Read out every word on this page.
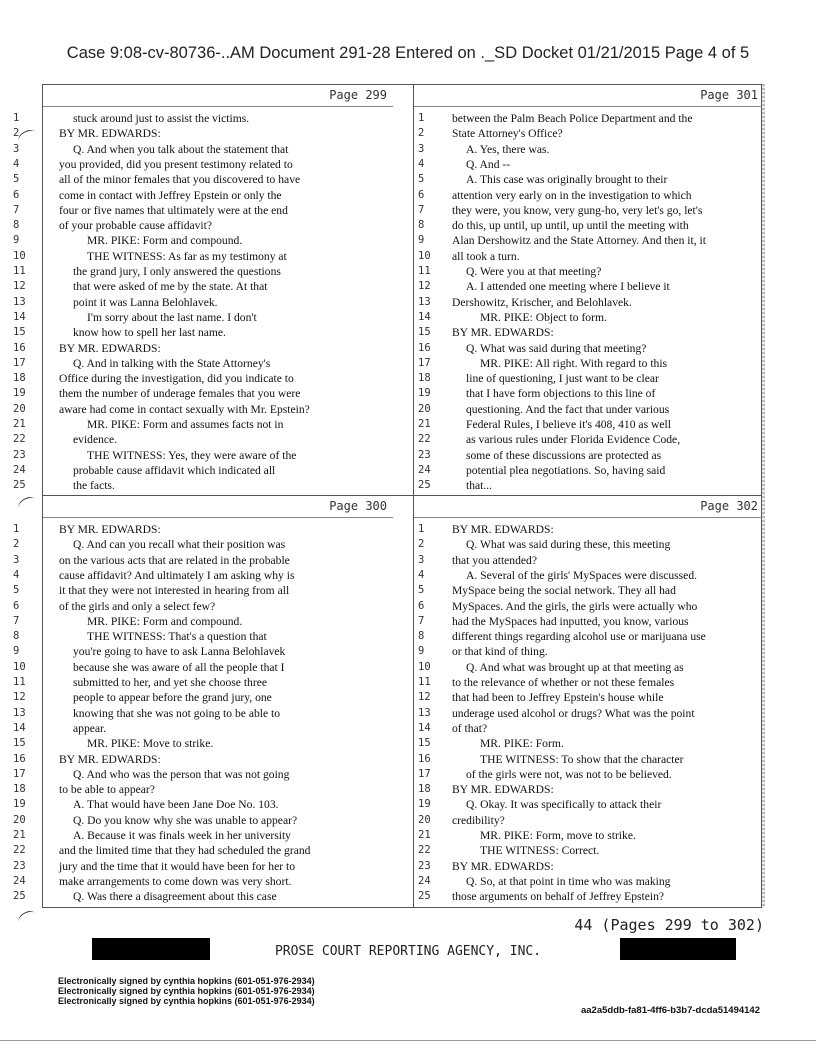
Case 9:08-cv-80736-..AM Document 291-28 Entered on ._SD Docket 01/21/2015 Page 4 of 5
Page 299
1	stuck around just to assist the victims.
2	BY MR. EDWARDS:
3	Q. And when you talk about the statement that
4	you provided, did you present testimony related to
5	all of the minor females that you discovered to have
6	come in contact with Jeffrey Epstein or only the
7	four or five names that ultimately were at the end
8	of your probable cause affidavit?
9	MR. PIKE: Form and compound.
10	THE WITNESS: As far as my testimony at
11	the grand jury, I only answered the questions
12	that were asked of me by the state. At that
13	point it was Lanna Belohlavek.
14	I'm sorry about the last name. I don't
15	know how to spell her last name.
16	BY MR. EDWARDS:
17	Q. And in talking with the State Attorney's
18	Office during the investigation, did you indicate to
19	them the number of underage females that you were
20	aware had come in contact sexually with Mr. Epstein?
21	MR. PIKE: Form and assumes facts not in
22	evidence.
23	THE WITNESS: Yes, they were aware of the
24	probable cause affidavit which indicated all
25	the facts.
Page 301
1	between the Palm Beach Police Department and the
2	State Attorney's Office?
3	A. Yes, there was.
4	Q. And --
5	A. This case was originally brought to their
6	attention very early on in the investigation to which
7	they were, you know, very gung-ho, very let's go, let's
8	do this, up until, up until, up until the meeting with
9	Alan Dershowitz and the State Attorney. And then it, it
10	all took a turn.
11	Q. Were you at that meeting?
12	A. I attended one meeting where I believe it
13	Dershowitz, Krischer, and Belohlavek.
14	MR. PIKE: Object to form.
15	BY MR. EDWARDS:
16	Q. What was said during that meeting?
17	MR. PIKE: All right. With regard to this
18	line of questioning, I just want to be clear
19	that I have form objections to this line of
20	questioning. And the fact that under various
21	Federal Rules, I believe it's 408, 410 as well
22	as various rules under Florida Evidence Code,
23	some of these discussions are protected as
24	potential plea negotiations. So, having said
25	that...
Page 300
1	BY MR. EDWARDS:
2	Q. And can you recall what their position was
3	on the various acts that are related in the probable
4	cause affidavit? And ultimately I am asking why is
5	it that they were not interested in hearing from all
6	of the girls and only a select few?
7	MR. PIKE: Form and compound.
8	THE WITNESS: That's a question that
9	you're going to have to ask Lanna Belohlavek
10	because she was aware of all the people that I
11	submitted to her, and yet she choose three
12	people to appear before the grand jury, one
13	knowing that she was not going to be able to
14	appear.
15	MR. PIKE: Move to strike.
16	BY MR. EDWARDS:
17	Q. And who was the person that was not going
18	to be able to appear?
19	A. That would have been Jane Doe No. 103.
20	Q. Do you know why she was unable to appear?
21	A. Because it was finals week in her university
22	and the limited time that they had scheduled the grand
23	jury and the time that it would have been for her to
24	make arrangements to come down was very short.
25	Q. Was there a disagreement about this case
Page 302
1	BY MR. EDWARDS:
2	Q. What was said during these, this meeting
3	that you attended?
4	A. Several of the girls' MySpaces were discussed.
5	MySpace being the social network. They all had
6	MySpaces. And the girls, the girls were actually who
7	had the MySpaces had inputted, you know, various
8	different things regarding alcohol use or marijuana use
9	or that kind of thing.
10	Q. And what was brought up at that meeting as
11	to the relevance of whether or not these females
12	that had been to Jeffrey Epstein's house while
13	underage used alcohol or drugs? What was the point
14	of that?
15	MR. PIKE: Form.
16	THE WITNESS: To show that the character
17	of the girls were not, was not to be believed.
18	BY MR. EDWARDS:
19	Q. Okay. It was specifically to attack their
20	credibility?
21	MR. PIKE: Form, move to strike.
22	THE WITNESS: Correct.
23	BY MR. EDWARDS:
24	Q. So, at that point in time who was making
25	those arguments on behalf of Jeffrey Epstein?
44 (Pages 299 to 302)
PROSE COURT REPORTING AGENCY, INC.
Electronically signed by cynthia hopkins (601-051-976-2934)
Electronically signed by cynthia hopkins (601-051-976-2934)
Electronically signed by cynthia hopkins (601-051-976-2934)
aa2a5ddb-fa81-4ff6-b3b7-dcda51494142
